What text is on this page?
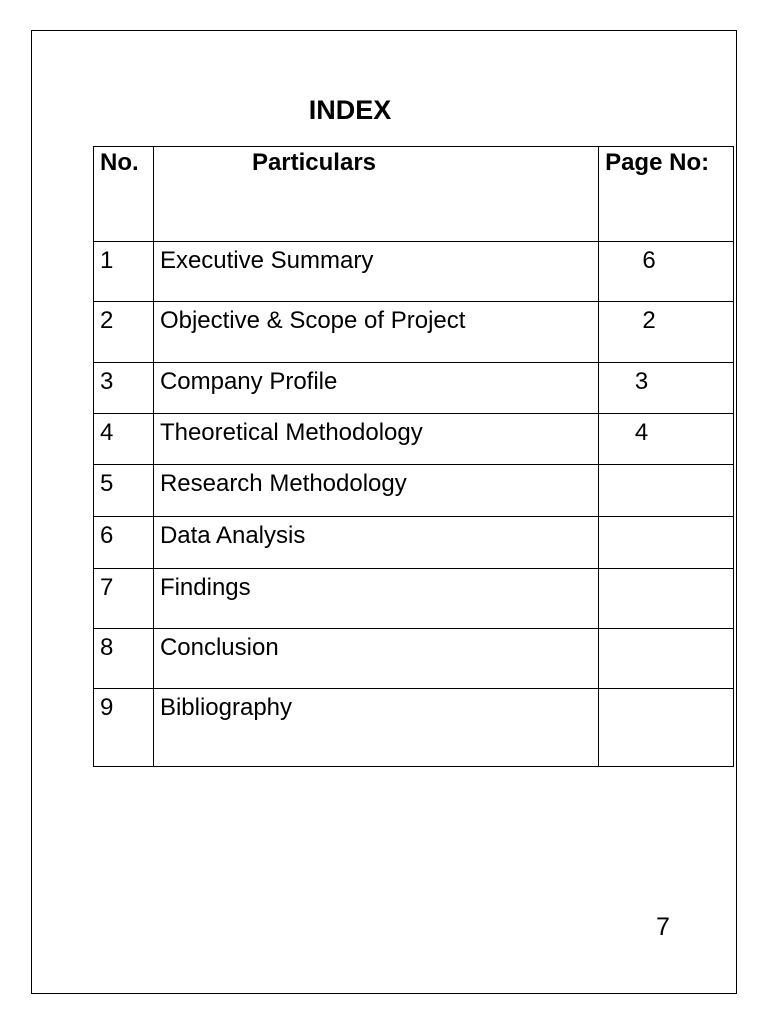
INDEX
No.	Particulars	Page No:

1	Executive Summary	6

2	Objective & Scope of Project	2

3	Company Profile	3

4	Theoretical Methodology	4

5	Research Methodology	

6	Data Analysis	

7	Findings	

8	Conclusion	

9	Bibliography	

7
